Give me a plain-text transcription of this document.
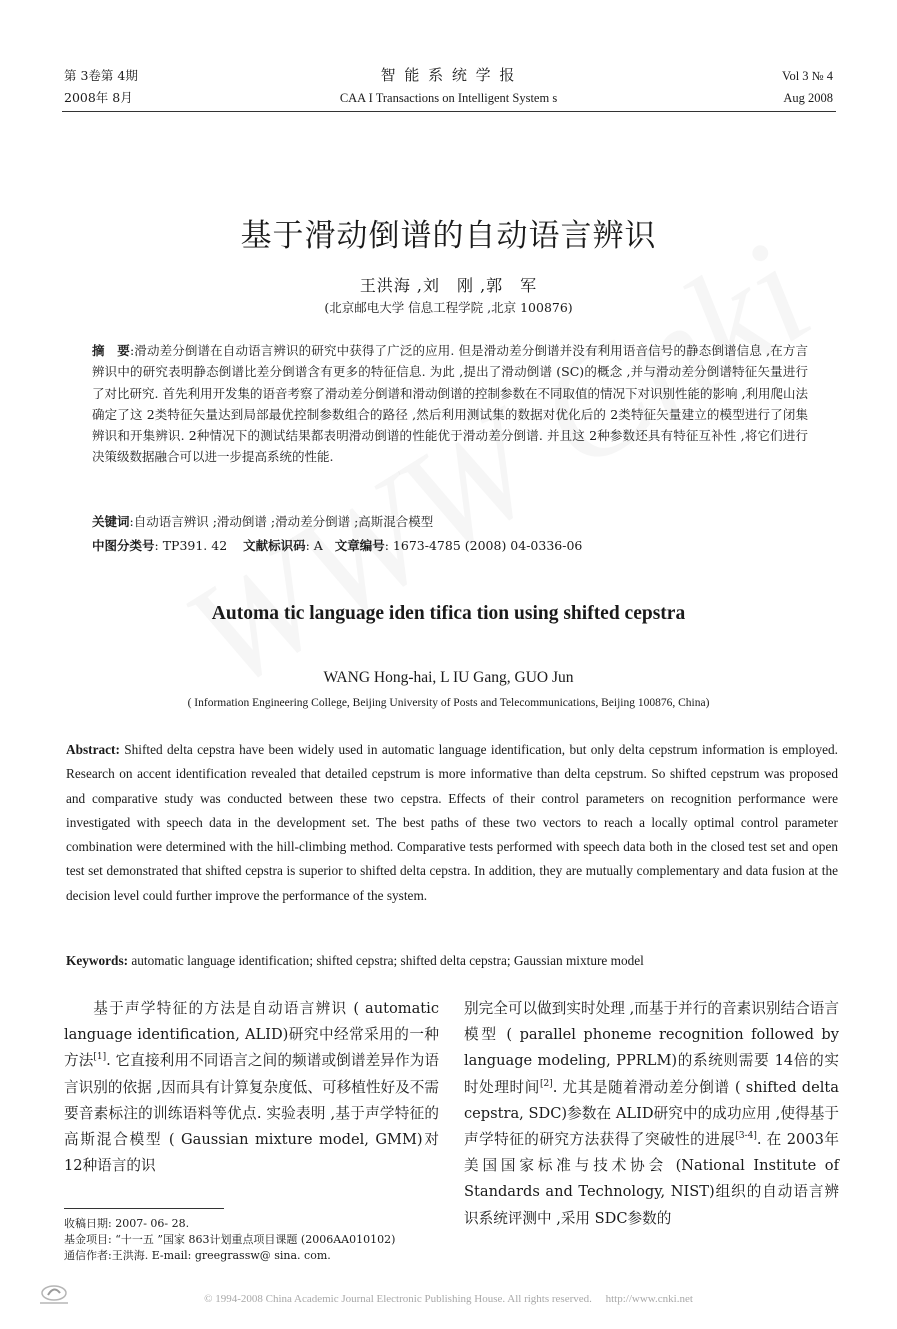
第 3卷第 4期
2008年 8月
智 能 系 统 学 报
CAA I Transactions on Intelligent System s
Vol 3 № 4
Aug 2008
基于滑动倒谱的自动语言辨识
王洪海 ,刘　刚 ,郭　军
(北京邮电大学 信息工程学院 ,北京 100876)
摘　要:滑动差分倒谱在自动语言辨识的研究中获得了广泛的应用. 但是滑动差分倒谱并没有利用语音信号的静态倒谱信息 ,在方言辨识中的研究表明静态倒谱比差分倒谱含有更多的特征信息. 为此 ,提出了滑动倒谱 (SC)的概念 ,并与滑动差分倒谱特征矢量进行了对比研究. 首先利用开发集的语音考察了滑动差分倒谱和滑动倒谱的控制参数在不同取值的情况下对识别性能的影响 ,利用爬山法确定了这 2类特征矢量达到局部最优控制参数组合的路径 ,然后利用测试集的数据对优化后的 2类特征矢量建立的模型进行了闭集辨识和开集辨识. 2种情况下的测试结果都表明滑动倒谱的性能优于滑动差分倒谱. 并且这 2种参数还具有特征互补性 ,将它们进行决策级数据融合可以进一步提高系统的性能.
关键词:自动语言辨识 ;滑动倒谱 ;滑动差分倒谱 ;高斯混合模型
中图分类号: TP391. 42 文献标识码: A 文章编号: 1673-4785 (2008) 04-0336-06
Automa tic language iden tifica tion using shifted cepstra
WANG Hong-hai, L IU Gang, GUO Jun
( Information Engineering College, Beijing University of Posts and Telecommunications, Beijing 100876, China)
Abstract: Shifted delta cepstra have been widely used in automatic language identification, but only delta cepstrum information is employed. Research on accent identification revealed that detailed cepstrum is more informative than delta cepstrum. So shifted cepstrum was proposed and comparative study was conducted between these two cepstra. Effects of their control parameters on recognition performance were investigated with speech data in the development set. The best paths of these two vectors to reach a locally optimal control parameter combination were determined with the hill-climbing method. Comparative tests performed with speech data both in the closed test set and open test set demonstrated that shifted cepstra is superior to shifted delta cepstra. In addition, they are mutually complementary and data fusion at the decision level could further improve the performance of the system.
Keywords: automatic language identification; shifted cepstra; shifted delta cepstra; Gaussian mixture model
基于声学特征的方法是自动语言辨识 ( automatic language identification, ALID)研究中经常采用的一种方法[1]. 它直接利用不同语言之间的频谱或倒谱差异作为语言识别的依据 ,因而具有计算复杂度低、可移植性好及不需要音素标注的训练语料等优点. 实验表明 ,基于声学特征的高斯混合模型 ( Gaussian mixture model, GMM)对 12种语言的识
别完全可以做到实时处理 ,而基于并行的音素识别结合语言模型 ( parallel phoneme recognition followed by language modeling, PPRLM)的系统则需要 14倍的实时处理时间[2]. 尤其是随着滑动差分倒谱 ( shifted delta cepstra, SDC)参数在 ALID研究中的成功应用 ,使得基于声学特征的研究方法获得了突破性的进展[3-4]. 在 2003年美国国家标准与技术协会 (National Institute of Standards and Technology, NIST)组织的自动语言辨识系统评测中 ,采用 SDC参数的
收稿日期: 2007- 06- 28.
基金项目: “十一五 ”国家 863计划重点项目课题 (2006AA010102)
通信作者:王洪海. E-mail: greegrassw@ sina. com.
© 1994-2008 China Academic Journal Electronic Publishing House. All rights reserved.　 http://www.cnki.net
